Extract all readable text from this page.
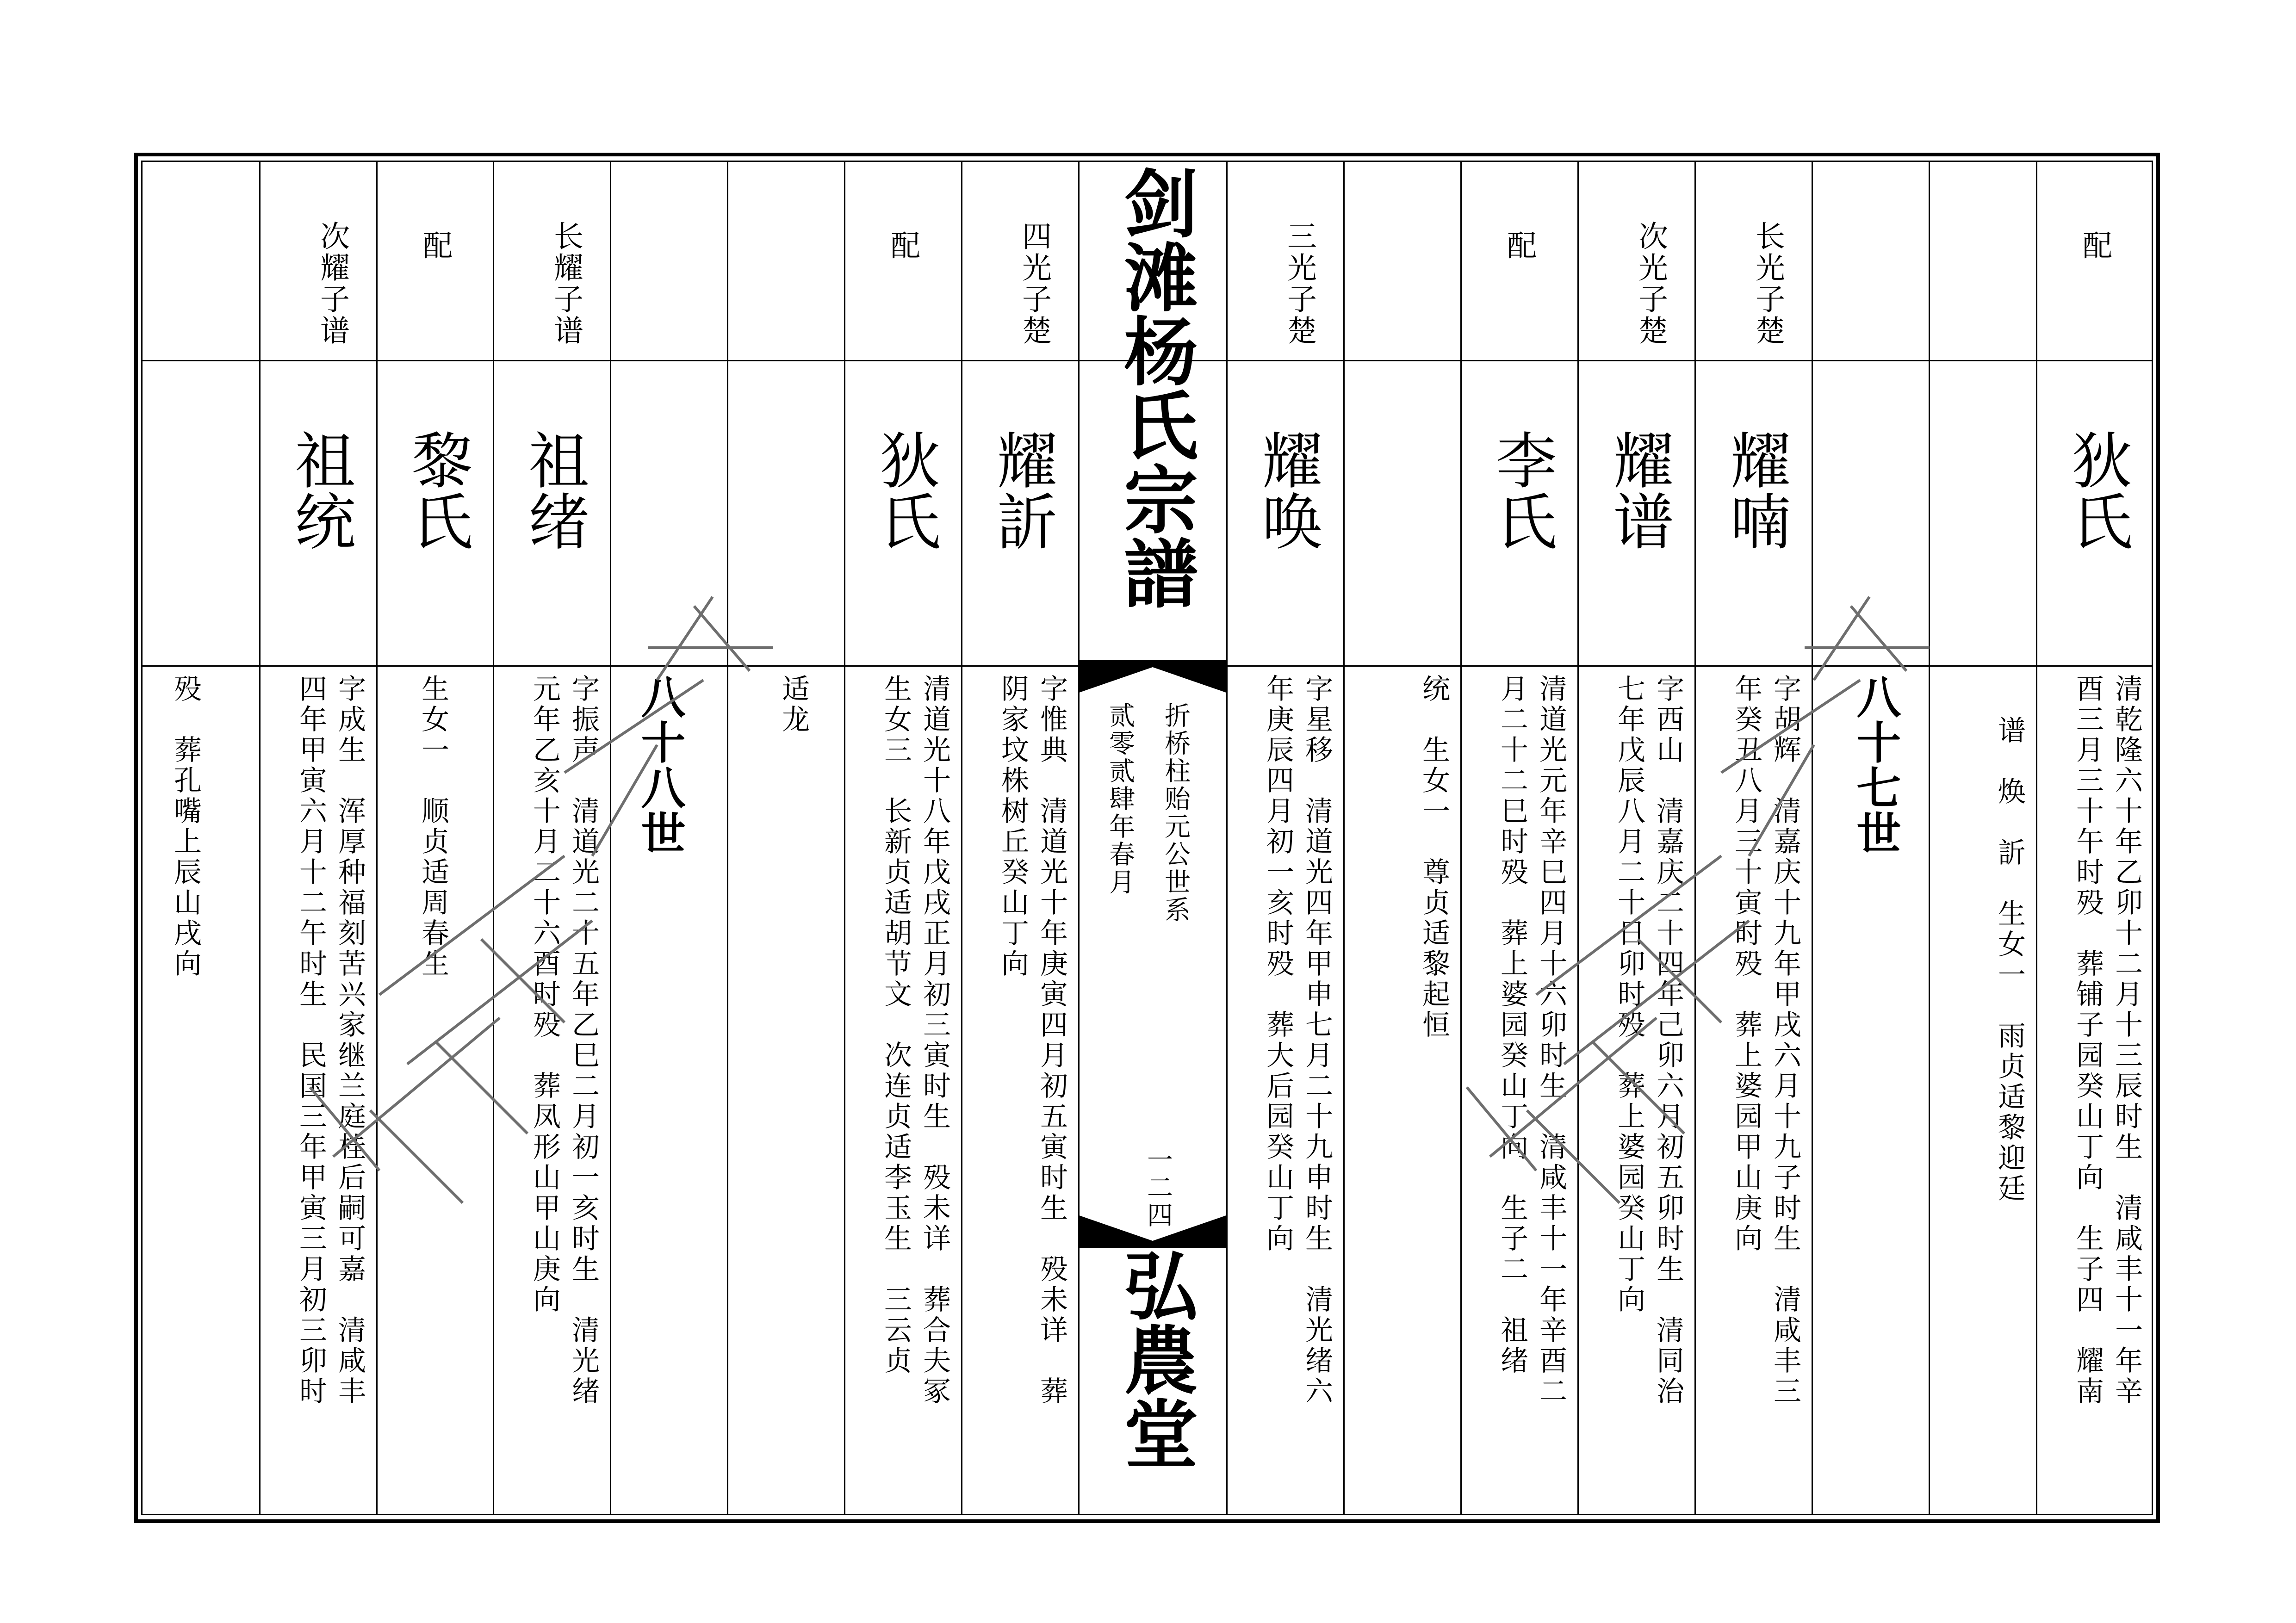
剑滩杨氏宗譜
折桥柱贻元公世系
贰零贰肆年春月
一二四
弘農堂
配
狄氏
清乾隆六十年乙卯十二月十三辰时生　清咸丰十一年辛
酉三月三十午时殁　葬铺子园癸山丁向　生子四　耀南
谱　焕　訢　生女一　雨贞适黎迎廷
八十七世
长光子楚
耀喃
字胡辉　清嘉庆十九年甲戌六月十九子时生　清咸丰三
年癸丑八月三十寅时殁　葬上婆园甲山庚向
次光子楚
耀谱
字西山　清嘉庆二十四年己卯六月初五卯时生　清同治
七年戊辰八月二十日卯时殁　葬上婆园癸山丁向
配
李氏
清道光元年辛巳四月十六卯时生　清咸丰十一年辛酉二
月二十二巳时殁　葬上婆园癸山丁向　生子二　祖绪
统　生女一　尊贞适黎起恒
三光子楚
耀唤
字星移　清道光四年甲申七月二十九申时生　清光绪六
年庚辰四月初一亥时殁　葬大后园癸山丁向
四光子楚
耀訢
字惟典　清道光十年庚寅四月初五寅时生　殁未详　葬
阴家坟株树丘癸山丁向
配
狄氏
清道光十八年戊戌正月初三寅时生　殁未详　葬合夫冢
生女三　长新贞适胡节文　次连贞适李玉生　三云贞
适龙
八十八世
长耀子谱
祖绪
字振声　清道光二十五年乙巳二月初一亥时生　清光绪
元年乙亥十月二十六酉时殁　葬凤形山甲山庚向
配
黎氏
生女一　顺贞适周春生
次耀子谱
祖统
字成生　浑厚种福刻苦兴家继兰庭桂后嗣可嘉　清咸丰
四年甲寅六月十二午时生　民国三年甲寅三月初三卯时
殁　葬孔嘴上辰山戌向
